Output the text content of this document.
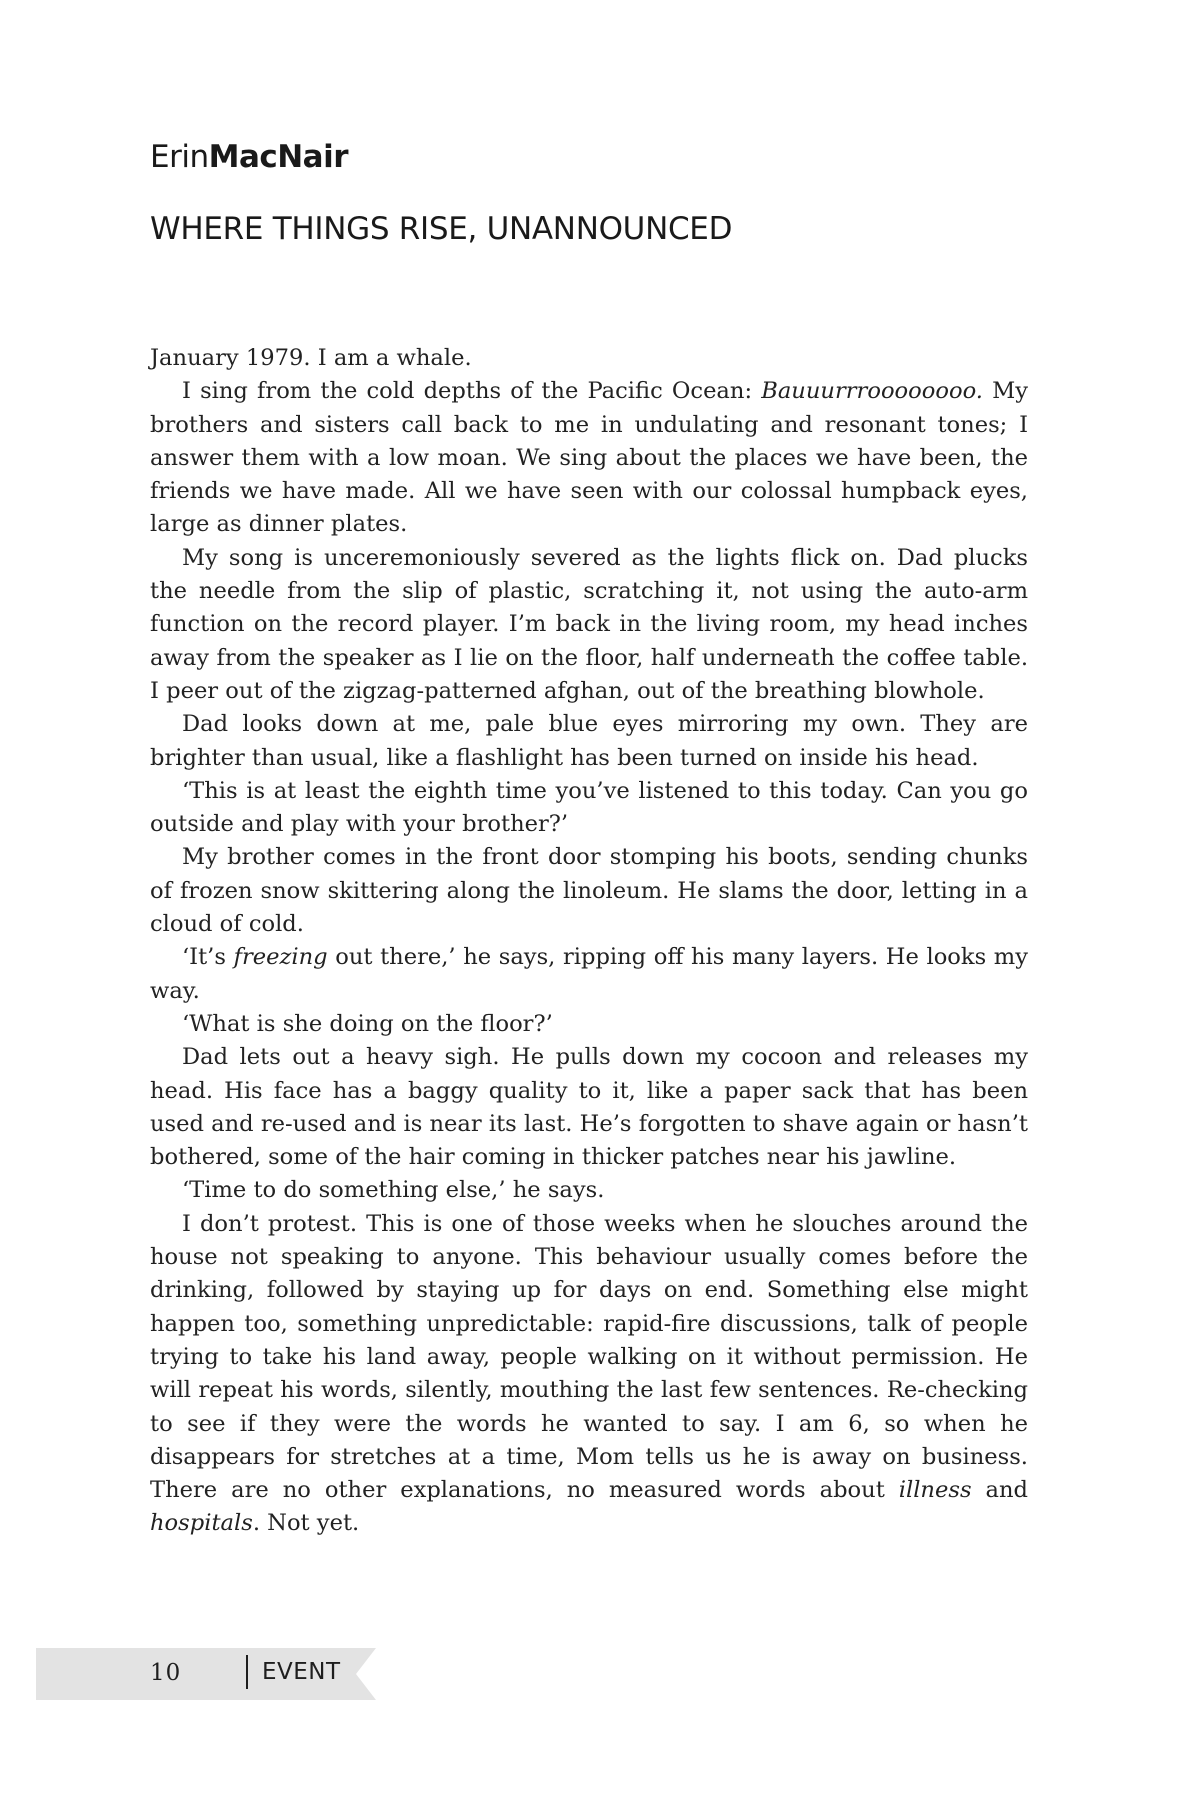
ErinMacNair
WHERE THINGS RISE, UNANNOUNCED

January 1979. I am a whale.

I sing from the cold depths of the Pacific Ocean: Bauuurrroooooooo. My brothers and sisters call back to me in undulating and resonant tones; I answer them with a low moan. We sing about the places we have been, the friends we have made. All we have seen with our colossal humpback eyes, large as dinner plates.

My song is unceremoniously severed as the lights flick on. Dad plucks the needle from the slip of plastic, scratching it, not using the auto-arm function on the record player. I’m back in the living room, my head inches away from the speaker as I lie on the floor, half underneath the coffee table. I peer out of the zigzag-patterned afghan, out of the breathing blowhole.

Dad looks down at me, pale blue eyes mirroring my own. They are brighter than usual, like a flashlight has been turned on inside his head.

‘This is at least the eighth time you’ve listened to this today. Can you go outside and play with your brother?’

My brother comes in the front door stomping his boots, sending chunks of frozen snow skittering along the linoleum. He slams the door, letting in a cloud of cold.

‘It’s freezing out there,’ he says, ripping off his many layers. He looks my way.

‘What is she doing on the floor?’

Dad lets out a heavy sigh. He pulls down my cocoon and releases my head. His face has a baggy quality to it, like a paper sack that has been used and re-used and is near its last. He’s forgotten to shave again or hasn’t bothered, some of the hair coming in thicker patches near his jawline.

‘Time to do something else,’ he says.

I don’t protest. This is one of those weeks when he slouches around the house not speaking to anyone. This behaviour usually comes before the drinking, followed by staying up for days on end. Something else might happen too, something unpredictable: rapid-fire discussions, talk of people trying to take his land away, people walking on it without permission. He will repeat his words, silently, mouthing the last few sentences. Re-checking to see if they were the words he wanted to say. I am 6, so when he disappears for stretches at a time, Mom tells us he is away on business. There are no other explanations, no measured words about illness and hospitals. Not yet.

10	EVENT
